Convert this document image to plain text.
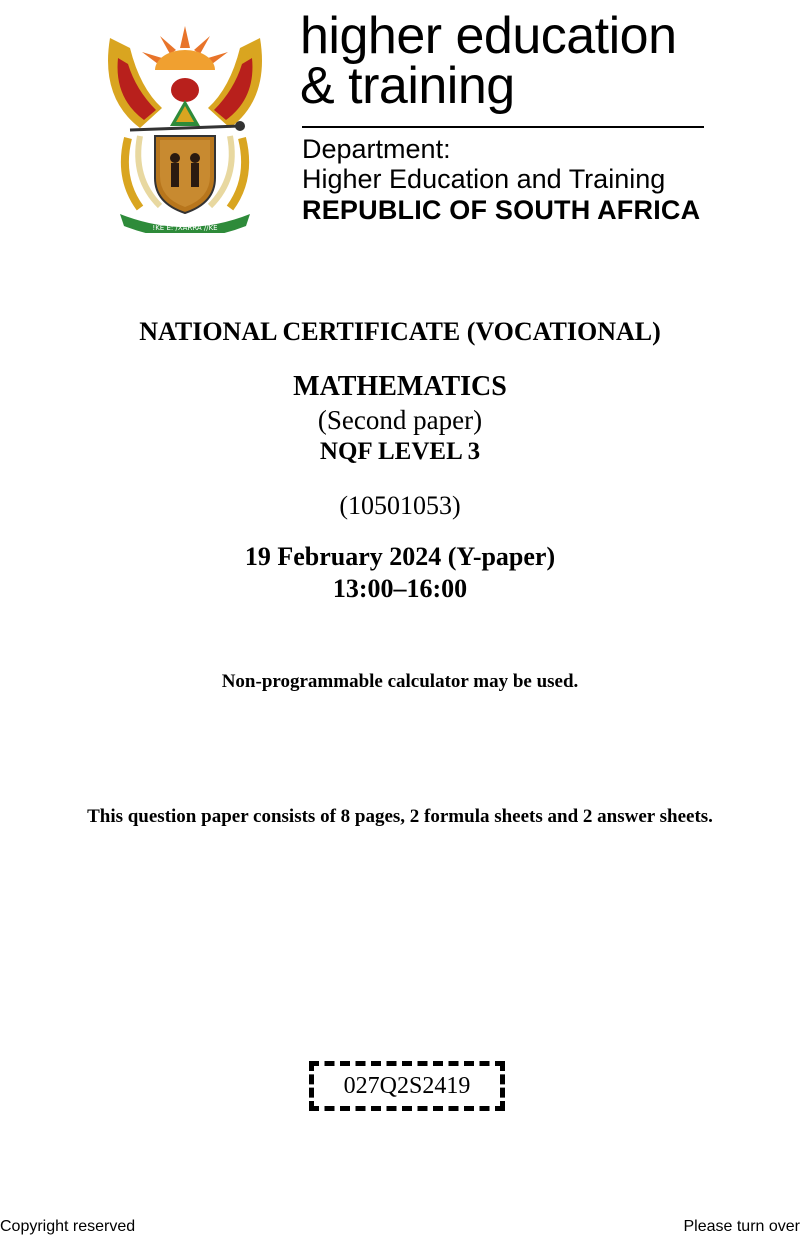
!KE E: /XARRA //KE
higher education
& training
Department:
Higher Education and Training
REPUBLIC OF SOUTH AFRICA
NATIONAL CERTIFICATE (VOCATIONAL)
MATHEMATICS
(Second paper)
NQF LEVEL 3
(10501053)
19 February 2024 (Y-paper)
13:00–16:00
Non-programmable calculator may be used.
This question paper consists of 8 pages, 2 formula sheets and 2 answer sheets.
027Q2S2419
Copyright reserved	Please turn over
